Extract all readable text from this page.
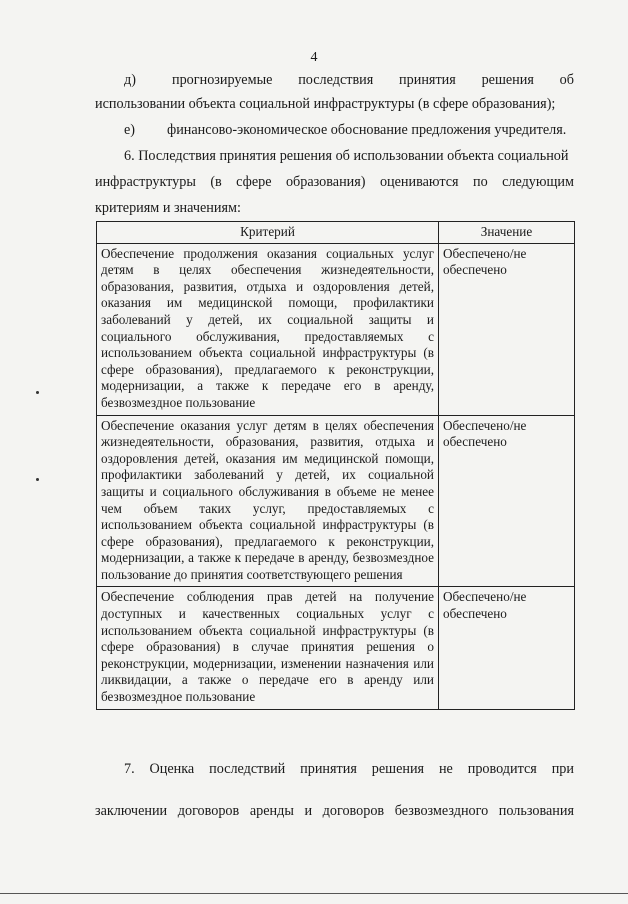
4

д)	прогнозируемые последствия принятия решения об

использовании объекта социальной инфраструктуры (в сфере образования);

е) финансово-экономическое обоснование предложения учредителя.

6. Последствия принятия решения об использовании объекта социальной

инфраструктуры (в сфере образования) оцениваются по следующим

критериям и значениям:

Критерий	Значение

Обеспечение продолжения оказания социальных услуг детям в целях обеспечения жизнедеятельности, образования, развития, отдыха и оздоровления детей, оказания им медицинской помощи, профилактики заболеваний у детей, их социальной защиты и социального обслуживания, предоставляемых с использованием объекта социальной инфраструктуры (в сфере образования), предлагаемого к реконструкции, модернизации, а также к передаче его в аренду, безвозмездное пользование	Обеспечено/не обеспечено

Обеспечение оказания услуг детям в целях обеспечения жизнедеятельности, образования, развития, отдыха и оздоровления детей, оказания им медицинской помощи, профилактики заболеваний у детей, их социальной защиты и социального обслуживания в объеме не менее чем объем таких услуг, предоставляемых с использованием объекта социальной инфраструктуры (в сфере образования), предлагаемого к реконструкции, модернизации, а также к передаче в аренду, безвозмездное пользование до принятия соответствующего решения	Обеспечено/не обеспечено

Обеспечение соблюдения прав детей на получение доступных и качественных социальных услуг с использованием объекта социальной инфраструктуры (в сфере образования) в случае принятия решения о реконструкции, модернизации, изменении назначения или ликвидации, а также о передаче его в аренду или безвозмездное пользование	Обеспечено/не обеспечено

7. Оценка последствий принятия решения не проводится при

заключении договоров аренды и договоров безвозмездного пользования
